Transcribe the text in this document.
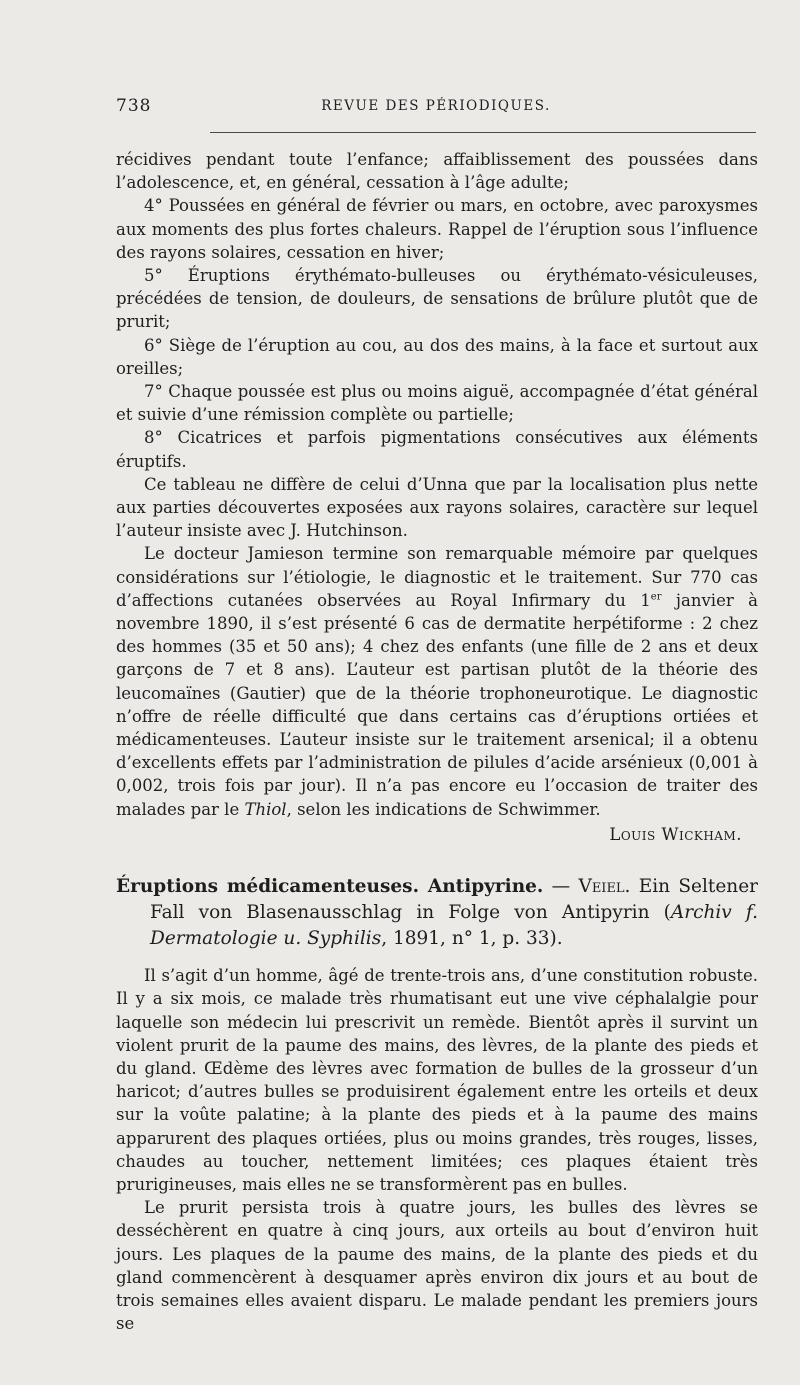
738	REVUE DES PÉRIODIQUES.

récidives pendant toute l’enfance; affaiblissement des poussées dans l’adolescence, et, en général, cessation à l’âge adulte;

4° Poussées en général de février ou mars, en octobre, avec paroxysmes aux moments des plus fortes chaleurs. Rappel de l’éruption sous l’influence des rayons solaires, cessation en hiver;

5° Éruptions érythémato-bulleuses ou érythémato-vésiculeuses, précédées de tension, de douleurs, de sensations de brûlure plutôt que de prurit;

6° Siège de l’éruption au cou, au dos des mains, à la face et surtout aux oreilles;

7° Chaque poussée est plus ou moins aiguë, accompagnée d’état général et suivie d’une rémission complète ou partielle;

8° Cicatrices et parfois pigmentations consécutives aux éléments éruptifs.

Ce tableau ne diffère de celui d’Unna que par la localisation plus nette aux parties découvertes exposées aux rayons solaires, caractère sur lequel l’auteur insiste avec J. Hutchinson.

Le docteur Jamieson termine son remarquable mémoire par quelques considérations sur l’étiologie, le diagnostic et le traitement. Sur 770 cas d’affections cutanées observées au Royal Infirmary du 1er janvier à novembre 1890, il s’est présenté 6 cas de dermatite herpétiforme : 2 chez des hommes (35 et 50 ans); 4 chez des enfants (une fille de 2 ans et deux garçons de 7 et 8 ans). L’auteur est partisan plutôt de la théorie des leucomaïnes (Gautier) que de la théorie trophoneurotique. Le diagnostic n’offre de réelle difficulté que dans certains cas d’éruptions ortiées et médicamenteuses. L’auteur insiste sur le traitement arsenical; il a obtenu d’excellents effets par l’administration de pilules d’acide arsénieux (0,001 à 0,002, trois fois par jour). Il n’a pas encore eu l’occasion de traiter des malades par le Thiol, selon les indications de Schwimmer.

Louis Wickham.
Éruptions médicamenteuses. Antipyrine. — Veiel. Ein Seltener Fall von Blasenausschlag in Folge von Antipyrin (Archiv f. Dermatologie u. Syphilis, 1891, n° 1, p. 33).

Il s’agit d’un homme, âgé de trente-trois ans, d’une constitution robuste. Il y a six mois, ce malade très rhumatisant eut une vive céphalalgie pour laquelle son médecin lui prescrivit un remède. Bientôt après il survint un violent prurit de la paume des mains, des lèvres, de la plante des pieds et du gland. Œdème des lèvres avec formation de bulles de la grosseur d’un haricot; d’autres bulles se produisirent également entre les orteils et deux sur la voûte palatine; à la plante des pieds et à la paume des mains apparurent des plaques ortiées, plus ou moins grandes, très rouges, lisses, chaudes au toucher, nettement limitées; ces plaques étaient très prurigineuses, mais elles ne se transformèrent pas en bulles.

Le prurit persista trois à quatre jours, les bulles des lèvres se desséchèrent en quatre à cinq jours, aux orteils au bout d’environ huit jours. Les plaques de la paume des mains, de la plante des pieds et du gland commencèrent à desquamer après environ dix jours et au bout de trois semaines elles avaient disparu. Le malade pendant les premiers jours se
